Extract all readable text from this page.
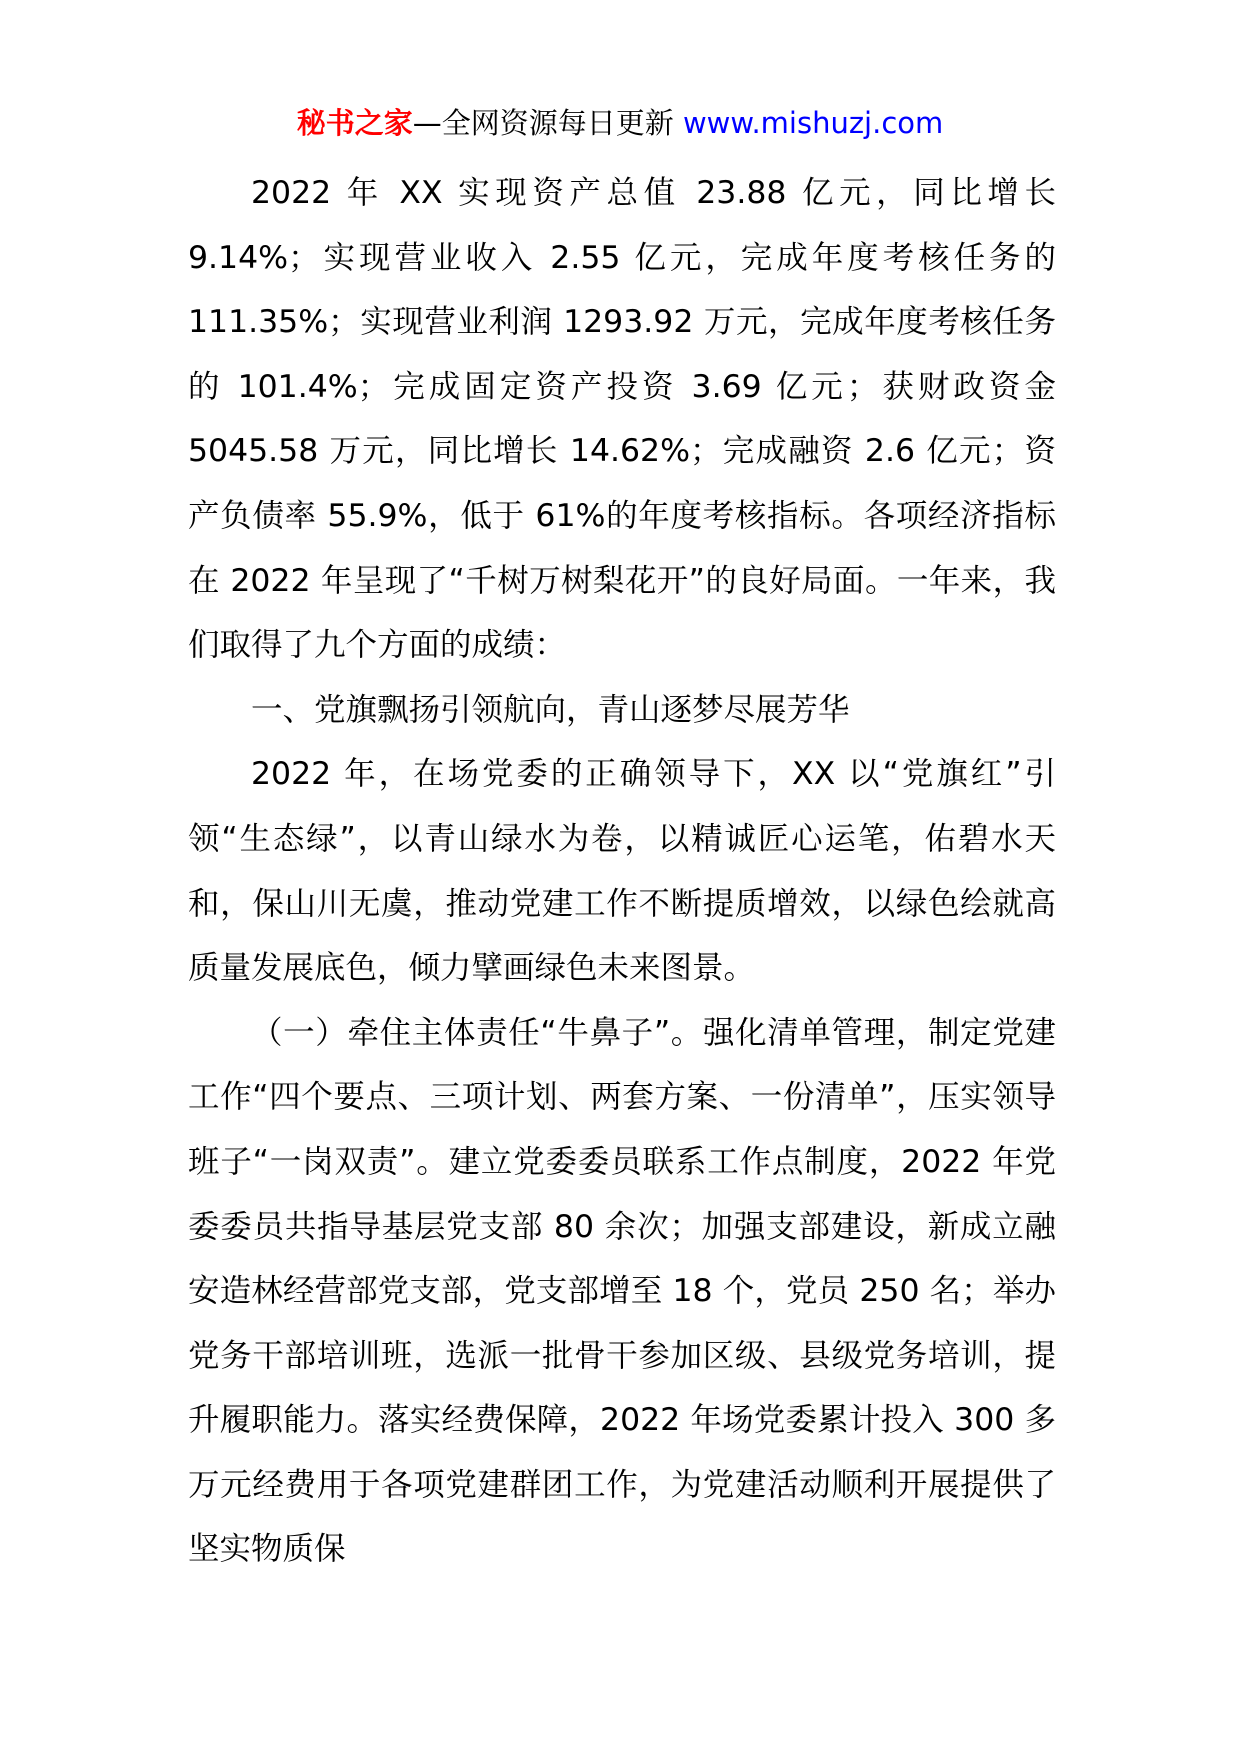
秘书之家—全网资源每日更新 www.mishuzj.com

2022 年 XX 实现资产总值 23.88 亿元，同比增长 9.14%；实现营业收入 2.55 亿元，完成年度考核任务的 111.35%；实现营业利润 1293.92 万元，完成年度考核任务的 101.4%；完成固定资产投资 3.69 亿元；获财政资金 5045.58 万元，同比增长 14.62%；完成融资 2.6 亿元；资产负债率 55.9%，低于 61%的年度考核指标。各项经济指标在 2022 年呈现了“千树万树梨花开”的良好局面。一年来，我们取得了九个方面的成绩：

一、党旗飘扬引领航向，青山逐梦尽展芳华

2022 年，在场党委的正确领导下，XX 以“党旗红”引领“生态绿”，以青山绿水为卷，以精诚匠心运笔，佑碧水天和，保山川无虞，推动党建工作不断提质增效，以绿色绘就高质量发展底色，倾力擘画绿色未来图景。

（一）牵住主体责任“牛鼻子”。强化清单管理，制定党建工作“四个要点、三项计划、两套方案、一份清单”，压实领导班子“一岗双责”。建立党委委员联系工作点制度，2022 年党委委员共指导基层党支部 80 余次；加强支部建设，新成立融安造林经营部党支部，党支部增至 18 个，党员 250 名；举办党务干部培训班，选派一批骨干参加区级、县级党务培训，提升履职能力。落实经费保障，2022 年场党委累计投入 300 多万元经费用于各项党建群团工作，为党建活动顺利开展提供了坚实物质保
